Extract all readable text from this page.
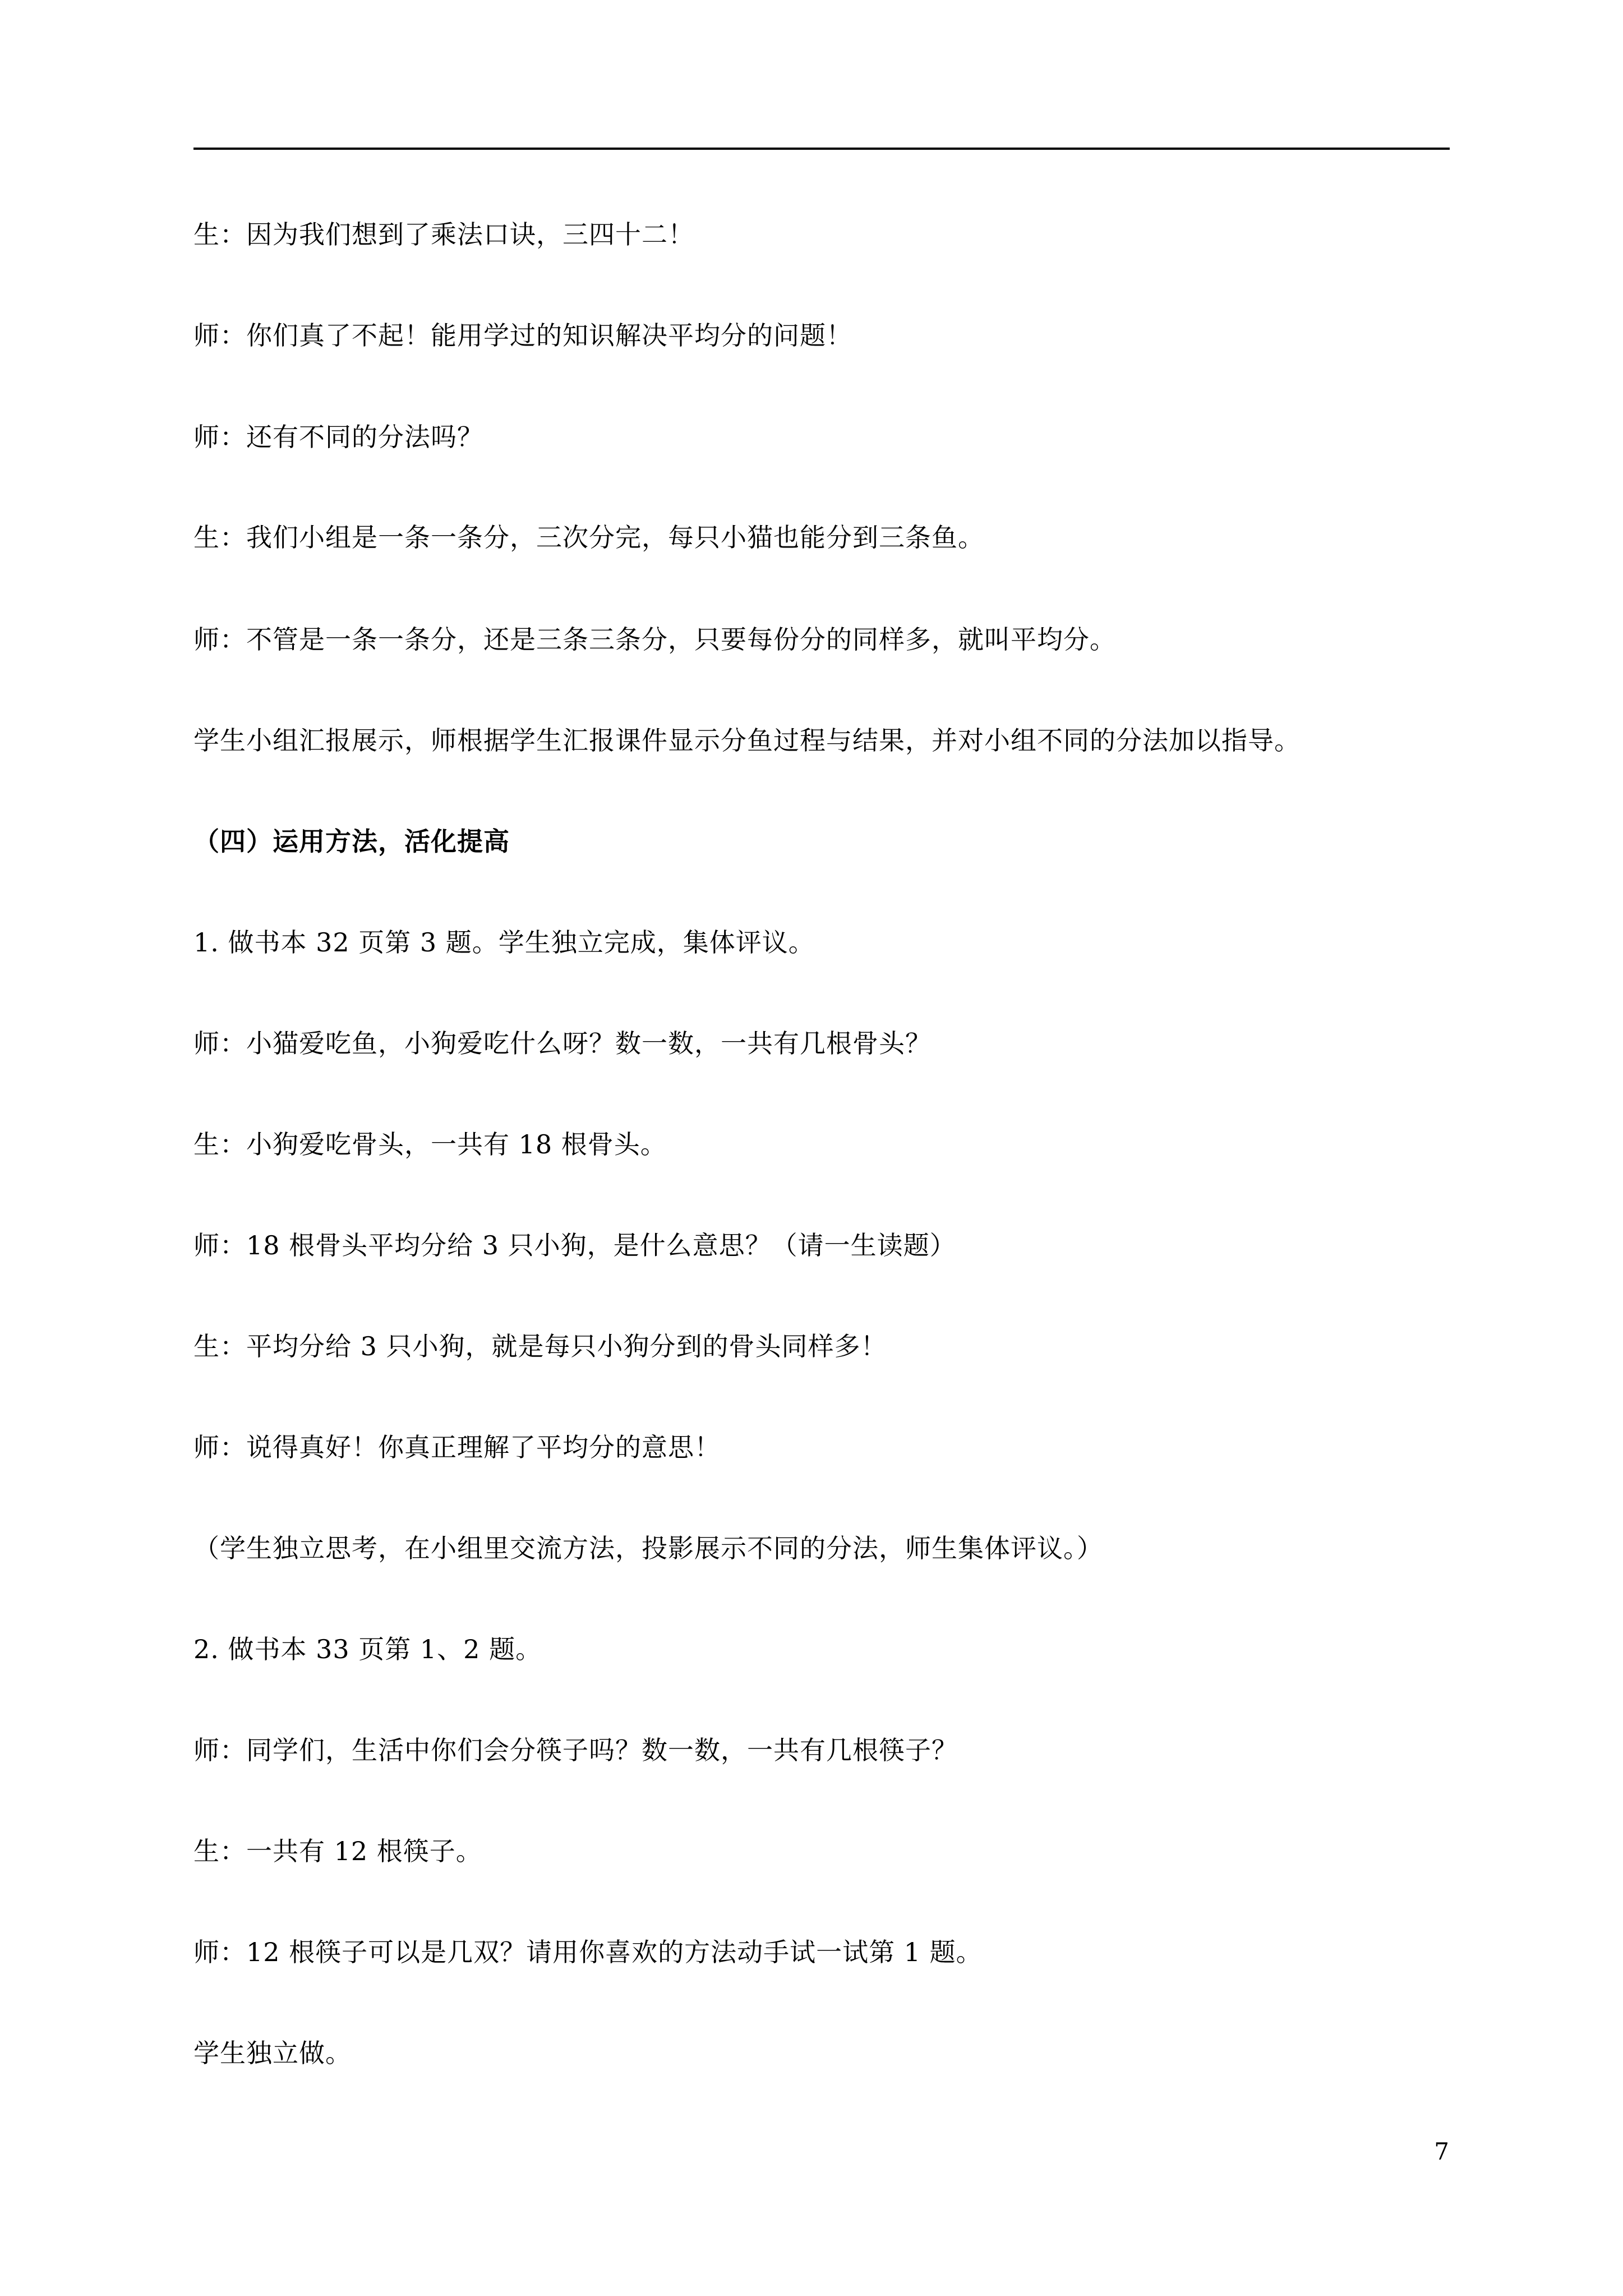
生：因为我们想到了乘法口诀，三四十二！
师：你们真了不起！能用学过的知识解决平均分的问题！
师：还有不同的分法吗？
生：我们小组是一条一条分，三次分完，每只小猫也能分到三条鱼。
师：不管是一条一条分，还是三条三条分，只要每份分的同样多，就叫平均分。
学生小组汇报展示，师根据学生汇报课件显示分鱼过程与结果，并对小组不同的分法加以指导。
（四）运用方法，活化提高
1. 做书本 32 页第 3 题。学生独立完成，集体评议。
师：小猫爱吃鱼，小狗爱吃什么呀？数一数，一共有几根骨头？
生：小狗爱吃骨头，一共有 18 根骨头。
师：18 根骨头平均分给 3 只小狗，是什么意思？（请一生读题）
生：平均分给 3 只小狗，就是每只小狗分到的骨头同样多！
师：说得真好！你真正理解了平均分的意思！
（学生独立思考，在小组里交流方法，投影展示不同的分法，师生集体评议。）
2. 做书本 33 页第 1、2 题。
师：同学们，生活中你们会分筷子吗？数一数，一共有几根筷子？
生：一共有 12 根筷子。
师：12 根筷子可以是几双？请用你喜欢的方法动手试一试第 1 题。
学生独立做。
7
